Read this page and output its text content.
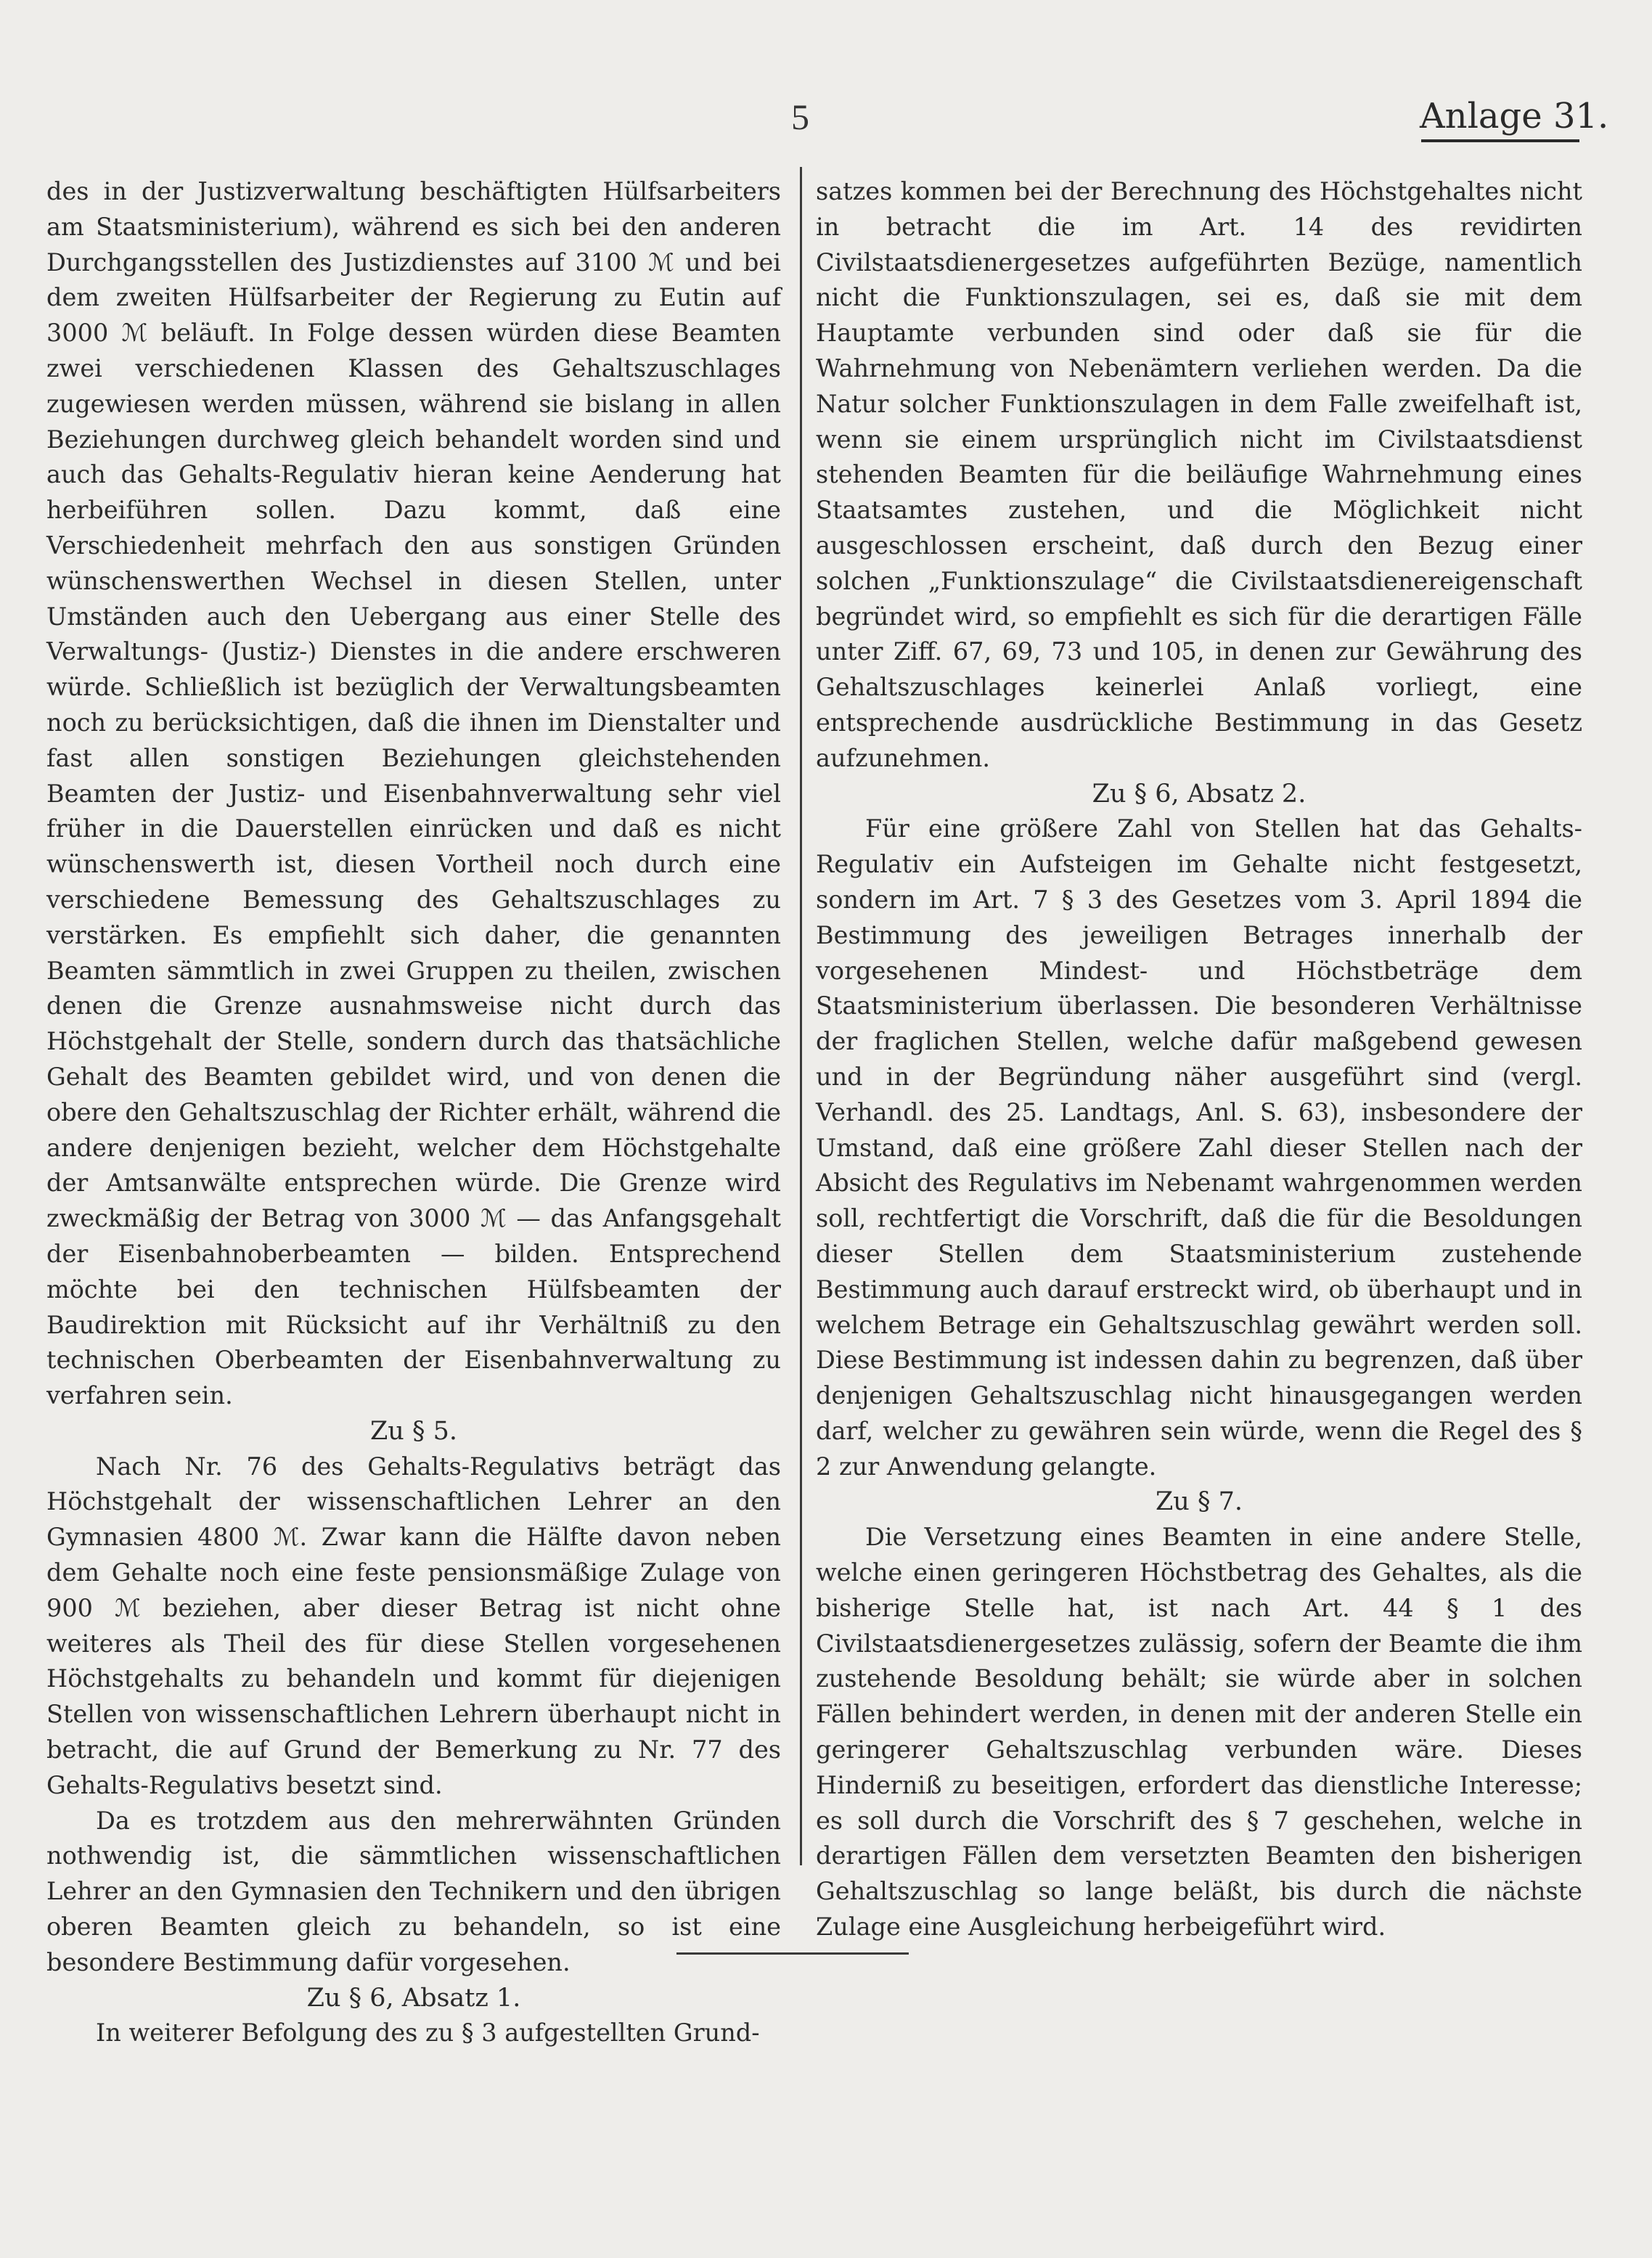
5	Anlage 31.

des in der Justizverwaltung beschäftigten Hülfsarbeiters am Staatsministerium), während es sich bei den anderen Durchgangsstellen des Justizdienstes auf 3100 ℳ und bei dem zweiten Hülfsarbeiter der Regierung zu Eutin auf 3000 ℳ beläuft. In Folge dessen würden diese Beamten zwei verschiedenen Klassen des Gehaltszuschlages zugewiesen werden müssen, während sie bislang in allen Beziehungen durchweg gleich behandelt worden sind und auch das Gehalts-Regulativ hieran keine Aenderung hat herbeiführen sollen. Dazu kommt, daß eine Verschiedenheit mehrfach den aus sonstigen Gründen wünschenswerthen Wechsel in diesen Stellen, unter Umständen auch den Uebergang aus einer Stelle des Verwaltungs- (Justiz-) Dienstes in die andere erschweren würde. Schließlich ist bezüglich der Verwaltungsbeamten noch zu berücksichtigen, daß die ihnen im Dienstalter und fast allen sonstigen Beziehungen gleichstehenden Beamten der Justiz- und Eisenbahnverwaltung sehr viel früher in die Dauerstellen einrücken und daß es nicht wünschenswerth ist, diesen Vortheil noch durch eine verschiedene Bemessung des Gehaltszuschlages zu verstärken. Es empfiehlt sich daher, die genannten Beamten sämmtlich in zwei Gruppen zu theilen, zwischen denen die Grenze ausnahmsweise nicht durch das Höchstgehalt der Stelle, sondern durch das thatsächliche Gehalt des Beamten gebildet wird, und von denen die obere den Gehaltszuschlag der Richter erhält, während die andere denjenigen bezieht, welcher dem Höchstgehalte der Amtsanwälte entsprechen würde. Die Grenze wird zweckmäßig der Betrag von 3000 ℳ — das Anfangsgehalt der Eisenbahnoberbeamten — bilden. Entsprechend möchte bei den technischen Hülfsbeamten der Baudirektion mit Rücksicht auf ihr Verhältniß zu den technischen Oberbeamten der Eisenbahnverwaltung zu verfahren sein.

Zu § 5.

Nach Nr. 76 des Gehalts-Regulativs beträgt das Höchstgehalt der wissenschaftlichen Lehrer an den Gymnasien 4800 ℳ. Zwar kann die Hälfte davon neben dem Gehalte noch eine feste pensionsmäßige Zulage von 900 ℳ beziehen, aber dieser Betrag ist nicht ohne weiteres als Theil des für diese Stellen vorgesehenen Höchstgehalts zu behandeln und kommt für diejenigen Stellen von wissenschaftlichen Lehrern überhaupt nicht in betracht, die auf Grund der Bemerkung zu Nr. 77 des Gehalts-Regulativs besetzt sind.

Da es trotzdem aus den mehrerwähnten Gründen nothwendig ist, die sämmtlichen wissenschaftlichen Lehrer an den Gymnasien den Technikern und den übrigen oberen Beamten gleich zu behandeln, so ist eine besondere Bestimmung dafür vorgesehen.

Zu § 6, Absatz 1.

In weiterer Befolgung des zu § 3 aufgestellten Grund-

satzes kommen bei der Berechnung des Höchstgehaltes nicht in betracht die im Art. 14 des revidirten Civilstaatsdienergesetzes aufgeführten Bezüge, namentlich nicht die Funktionszulagen, sei es, daß sie mit dem Hauptamte verbunden sind oder daß sie für die Wahrnehmung von Nebenämtern verliehen werden. Da die Natur solcher Funktionszulagen in dem Falle zweifelhaft ist, wenn sie einem ursprünglich nicht im Civilstaatsdienst stehenden Beamten für die beiläufige Wahrnehmung eines Staatsamtes zustehen, und die Möglichkeit nicht ausgeschlossen erscheint, daß durch den Bezug einer solchen „Funktionszulage“ die Civilstaatsdienereigenschaft begründet wird, so empfiehlt es sich für die derartigen Fälle unter Ziff. 67, 69, 73 und 105, in denen zur Gewährung des Gehaltszuschlages keinerlei Anlaß vorliegt, eine entsprechende ausdrückliche Bestimmung in das Gesetz aufzunehmen.

Zu § 6, Absatz 2.

Für eine größere Zahl von Stellen hat das Gehalts-Regulativ ein Aufsteigen im Gehalte nicht festgesetzt, sondern im Art. 7 § 3 des Gesetzes vom 3. April 1894 die Bestimmung des jeweiligen Betrages innerhalb der vorgesehenen Mindest- und Höchstbeträge dem Staatsministerium überlassen. Die besonderen Verhältnisse der fraglichen Stellen, welche dafür maßgebend gewesen und in der Begründung näher ausgeführt sind (vergl. Verhandl. des 25. Landtags, Anl. S. 63), insbesondere der Umstand, daß eine größere Zahl dieser Stellen nach der Absicht des Regulativs im Nebenamt wahrgenommen werden soll, rechtfertigt die Vorschrift, daß die für die Besoldungen dieser Stellen dem Staatsministerium zustehende Bestimmung auch darauf erstreckt wird, ob überhaupt und in welchem Betrage ein Gehaltszuschlag gewährt werden soll. Diese Bestimmung ist indessen dahin zu begrenzen, daß über denjenigen Gehaltszuschlag nicht hinausgegangen werden darf, welcher zu gewähren sein würde, wenn die Regel des § 2 zur Anwendung gelangte.

Zu § 7.

Die Versetzung eines Beamten in eine andere Stelle, welche einen geringeren Höchstbetrag des Gehaltes, als die bisherige Stelle hat, ist nach Art. 44 § 1 des Civilstaatsdienergesetzes zulässig, sofern der Beamte die ihm zustehende Besoldung behält; sie würde aber in solchen Fällen behindert werden, in denen mit der anderen Stelle ein geringerer Gehaltszuschlag verbunden wäre. Dieses Hinderniß zu beseitigen, erfordert das dienstliche Interesse; es soll durch die Vorschrift des § 7 geschehen, welche in derartigen Fällen dem versetzten Beamten den bisherigen Gehaltszuschlag so lange beläßt, bis durch die nächste Zulage eine Ausgleichung herbeigeführt wird.
